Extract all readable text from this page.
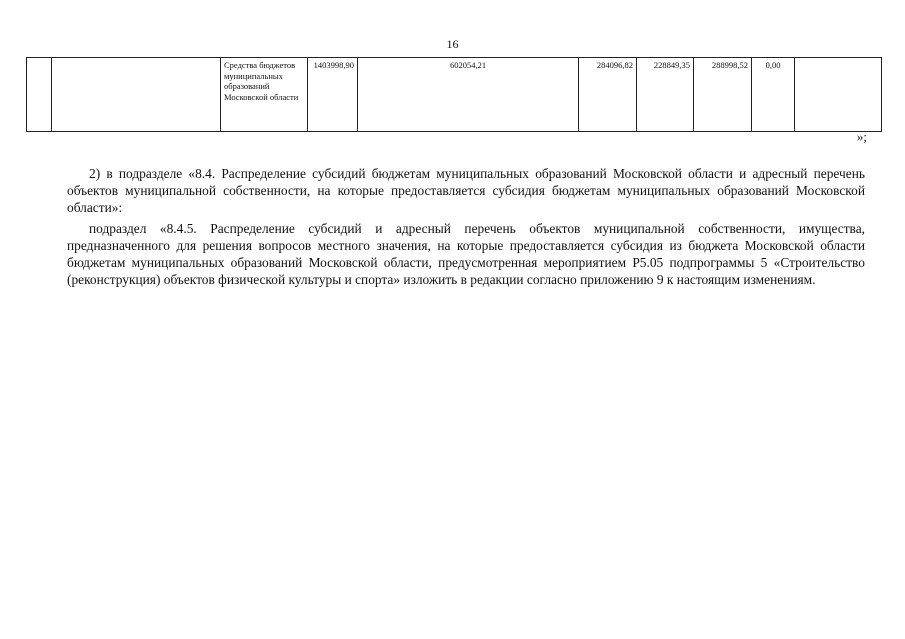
16
		Средства бюджетов муниципальных образований Московской области	1403998,90	602054,21	284096,82	228849,35	288998,52	0,00	
»;

2) в подразделе «8.4. Распределение субсидий бюджетам муниципальных образований Московской области и адресный перечень объектов муниципальной собственности, на которые предоставляется субсидия бюджетам муниципальных образований Московской области»:

подраздел «8.4.5. Распределение субсидий и адресный перечень объектов муниципальной собственности, имущества, предназначенного для решения вопросов местного значения, на которые предоставляется субсидия из бюджета Московской области бюджетам муниципальных образований Московской области, предусмотренная мероприятием Р5.05 подпрограммы 5 «Строительство (реконструкция) объектов физической культуры и спорта» изложить в редакции согласно приложению 9 к настоящим изменениям.
